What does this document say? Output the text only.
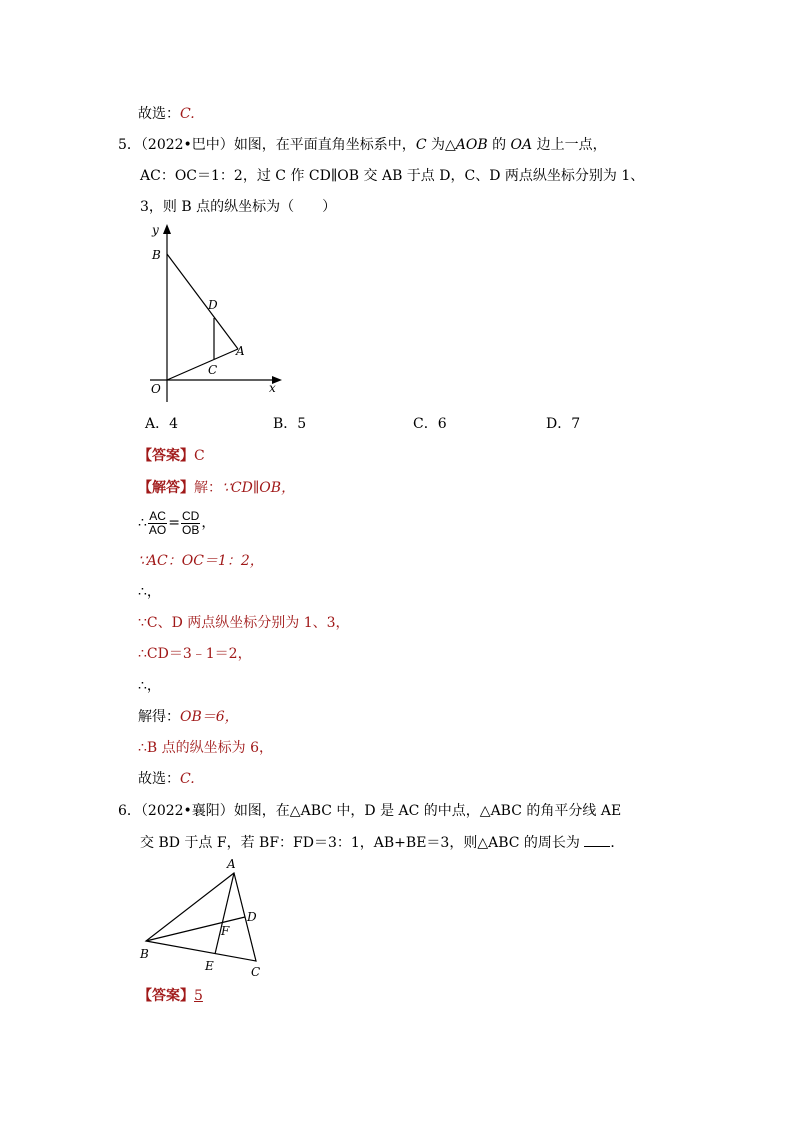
故选：C.
5．（2022•巴中）如图，在平面直角坐标系中，C 为△AOB 的 OA 边上一点，
AC：OC＝1：2，过 C 作 CD∥OB 交 AB 于点 D，C、D 两点纵坐标分别为 1、
3，则 B 点的纵坐标为（　　）
y
B
D
A
C
O	x
A．4	B．5	C．6	D．7
【答案】C
【解答】解：∵CD∥OB，
∴ $\frac{AC}{AO} = \frac{CD}{OB}$ ，
∵AC：OC＝1：2，
∴，
∵C、D 两点纵坐标分别为 1、3，
∴CD＝3﹣1＝2，
∴，
解得：OB＝6，
∴B 点的纵坐标为 6，
故选：C.
6．（2022•襄阳）如图，在△ABC 中，D 是 AC 的中点，△ABC 的角平分线 AE
交 BD 于点 F，若 BF：FD＝3：1，AB+BE＝3，则△ABC 的周长为 ．
A
D
F
B
E	C
【答案】5
